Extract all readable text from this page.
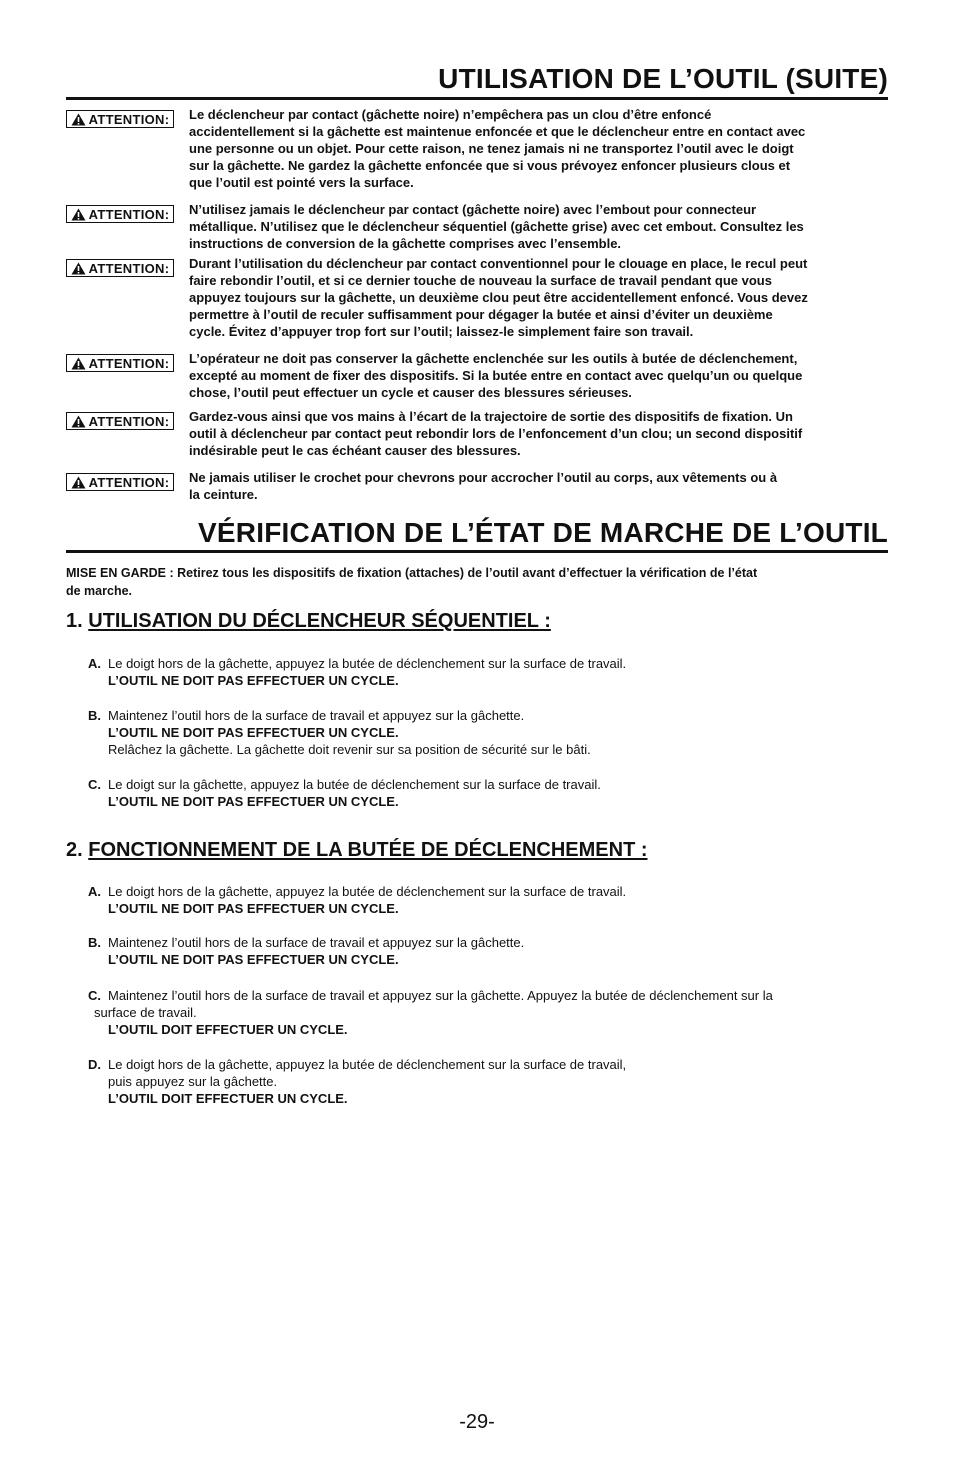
UTILISATION DE L’OUTIL (SUITE)
ATTENTION: Le déclencheur par contact (gâchette noire) n’empêchera pas un clou d’être enfoncé
accidentellement si la gâchette est maintenue enfoncée et que le déclencheur entre en contact avec
une personne ou un objet. Pour cette raison, ne tenez jamais ni ne transportez l’outil avec le doigt
sur la gâchette. Ne gardez la gâchette enfoncée que si vous prévoyez enfoncer plusieurs clous et
que l’outil est pointé vers la surface.
ATTENTION: N’utilisez jamais le déclencheur par contact (gâchette noire) avec l’embout pour connecteur
métallique. N’utilisez que le déclencheur séquentiel (gâchette grise) avec cet embout. Consultez les
instructions de conversion de la gâchette comprises avec l’ensemble.
ATTENTION: Durant l’utilisation du déclencheur par contact conventionnel pour le clouage en place, le recul peut
faire rebondir l’outil, et si ce dernier touche de nouveau la surface de travail pendant que vous
appuyez toujours sur la gâchette, un deuxième clou peut être accidentellement enfoncé. Vous devez
permettre à l’outil de reculer suffisamment pour dégager la butée et ainsi d’éviter un deuxième
cycle. Évitez d’appuyer trop fort sur l’outil; laissez-le simplement faire son travail.
ATTENTION: L’opérateur ne doit pas conserver la gâchette enclenchée sur les outils à butée de déclenchement,
excepté au moment de fixer des dispositifs. Si la butée entre en contact avec quelqu’un ou quelque
chose, l’outil peut effectuer un cycle et causer des blessures sérieuses.
ATTENTION: Gardez-vous ainsi que vos mains à l’écart de la trajectoire de sortie des dispositifs de fixation. Un
outil à déclencheur par contact peut rebondir lors de l’enfoncement d’un clou; un second dispositif
indésirable peut le cas échéant causer des blessures.
ATTENTION: Ne jamais utiliser le crochet pour chevrons pour accrocher l’outil au corps, aux vêtements ou à
la ceinture.
VÉRIFICATION DE L’ÉTAT DE MARCHE DE L’OUTIL
MISE EN GARDE : Retirez tous les dispositifs de fixation (attaches) de l’outil avant d’effectuer la vérification de l’état
de marche.
1. UTILISATION DU DÉCLENCHEUR SÉQUENTIEL :
A. Le doigt hors de la gâchette, appuyez la butée de déclenchement sur la surface de travail.
L’OUTIL NE DOIT PAS EFFECTUER UN CYCLE.
B. Maintenez l’outil hors de la surface de travail et appuyez sur la gâchette.
L’OUTIL NE DOIT PAS EFFECTUER UN CYCLE.
Relâchez la gâchette. La gâchette doit revenir sur sa position de sécurité sur le bâti.
C. Le doigt sur la gâchette, appuyez la butée de déclenchement sur la surface de travail.
L’OUTIL NE DOIT PAS EFFECTUER UN CYCLE.
2. FONCTIONNEMENT DE LA BUTÉE DE DÉCLENCHEMENT :
A. Le doigt hors de la gâchette, appuyez la butée de déclenchement sur la surface de travail.
L’OUTIL NE DOIT PAS EFFECTUER UN CYCLE.
B. Maintenez l’outil hors de la surface de travail et appuyez sur la gâchette.
L’OUTIL NE DOIT PAS EFFECTUER UN CYCLE.
C. Maintenez l’outil hors de la surface de travail et appuyez sur la gâchette. Appuyez la butée de déclenchement sur la
surface de travail.
L’OUTIL DOIT EFFECTUER UN CYCLE.
D. Le doigt hors de la gâchette, appuyez la butée de déclenchement sur la surface de travail,
puis appuyez sur la gâchette.
L’OUTIL DOIT EFFECTUER UN CYCLE.
-29-
